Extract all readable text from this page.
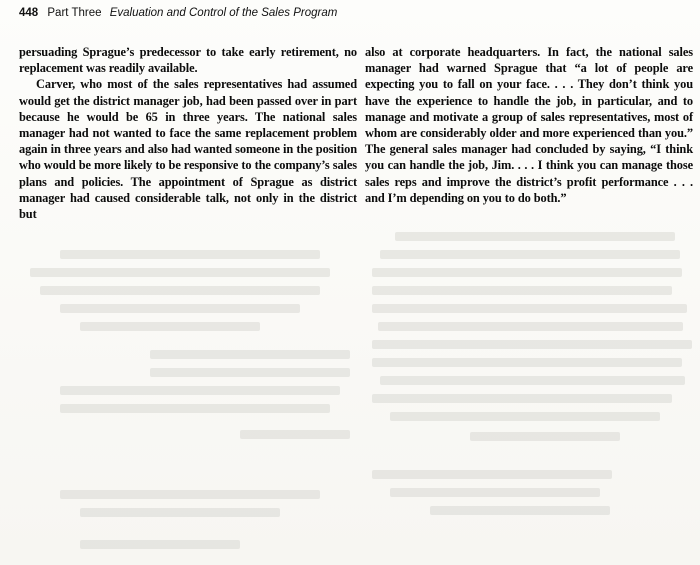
448 Part Three Evaluation and Control of the Sales Program

persuading Sprague’s predecessor to take early retirement, no replacement was readily available.

Carver, who most of the sales representatives had assumed would get the district manager job, had been passed over in part because he would be 65 in three years. The national sales manager had not wanted to face the same replacement problem again in three years and also had wanted someone in the position who would be more likely to be responsive to the company’s sales plans and policies. The appointment of Sprague as district manager had caused considerable talk, not only in the district but

also at corporate headquarters. In fact, the national sales manager had warned Sprague that “a lot of people are expecting you to fall on your face. . . . They don’t think you have the experience to handle the job, in particular, and to manage and motivate a group of sales representatives, most of whom are considerably older and more experienced than you.” The general sales manager had concluded by saying, “I think you can handle the job, Jim. . . . I think you can manage those sales reps and improve the district’s profit performance . . . and I’m depending on you to do both.”
